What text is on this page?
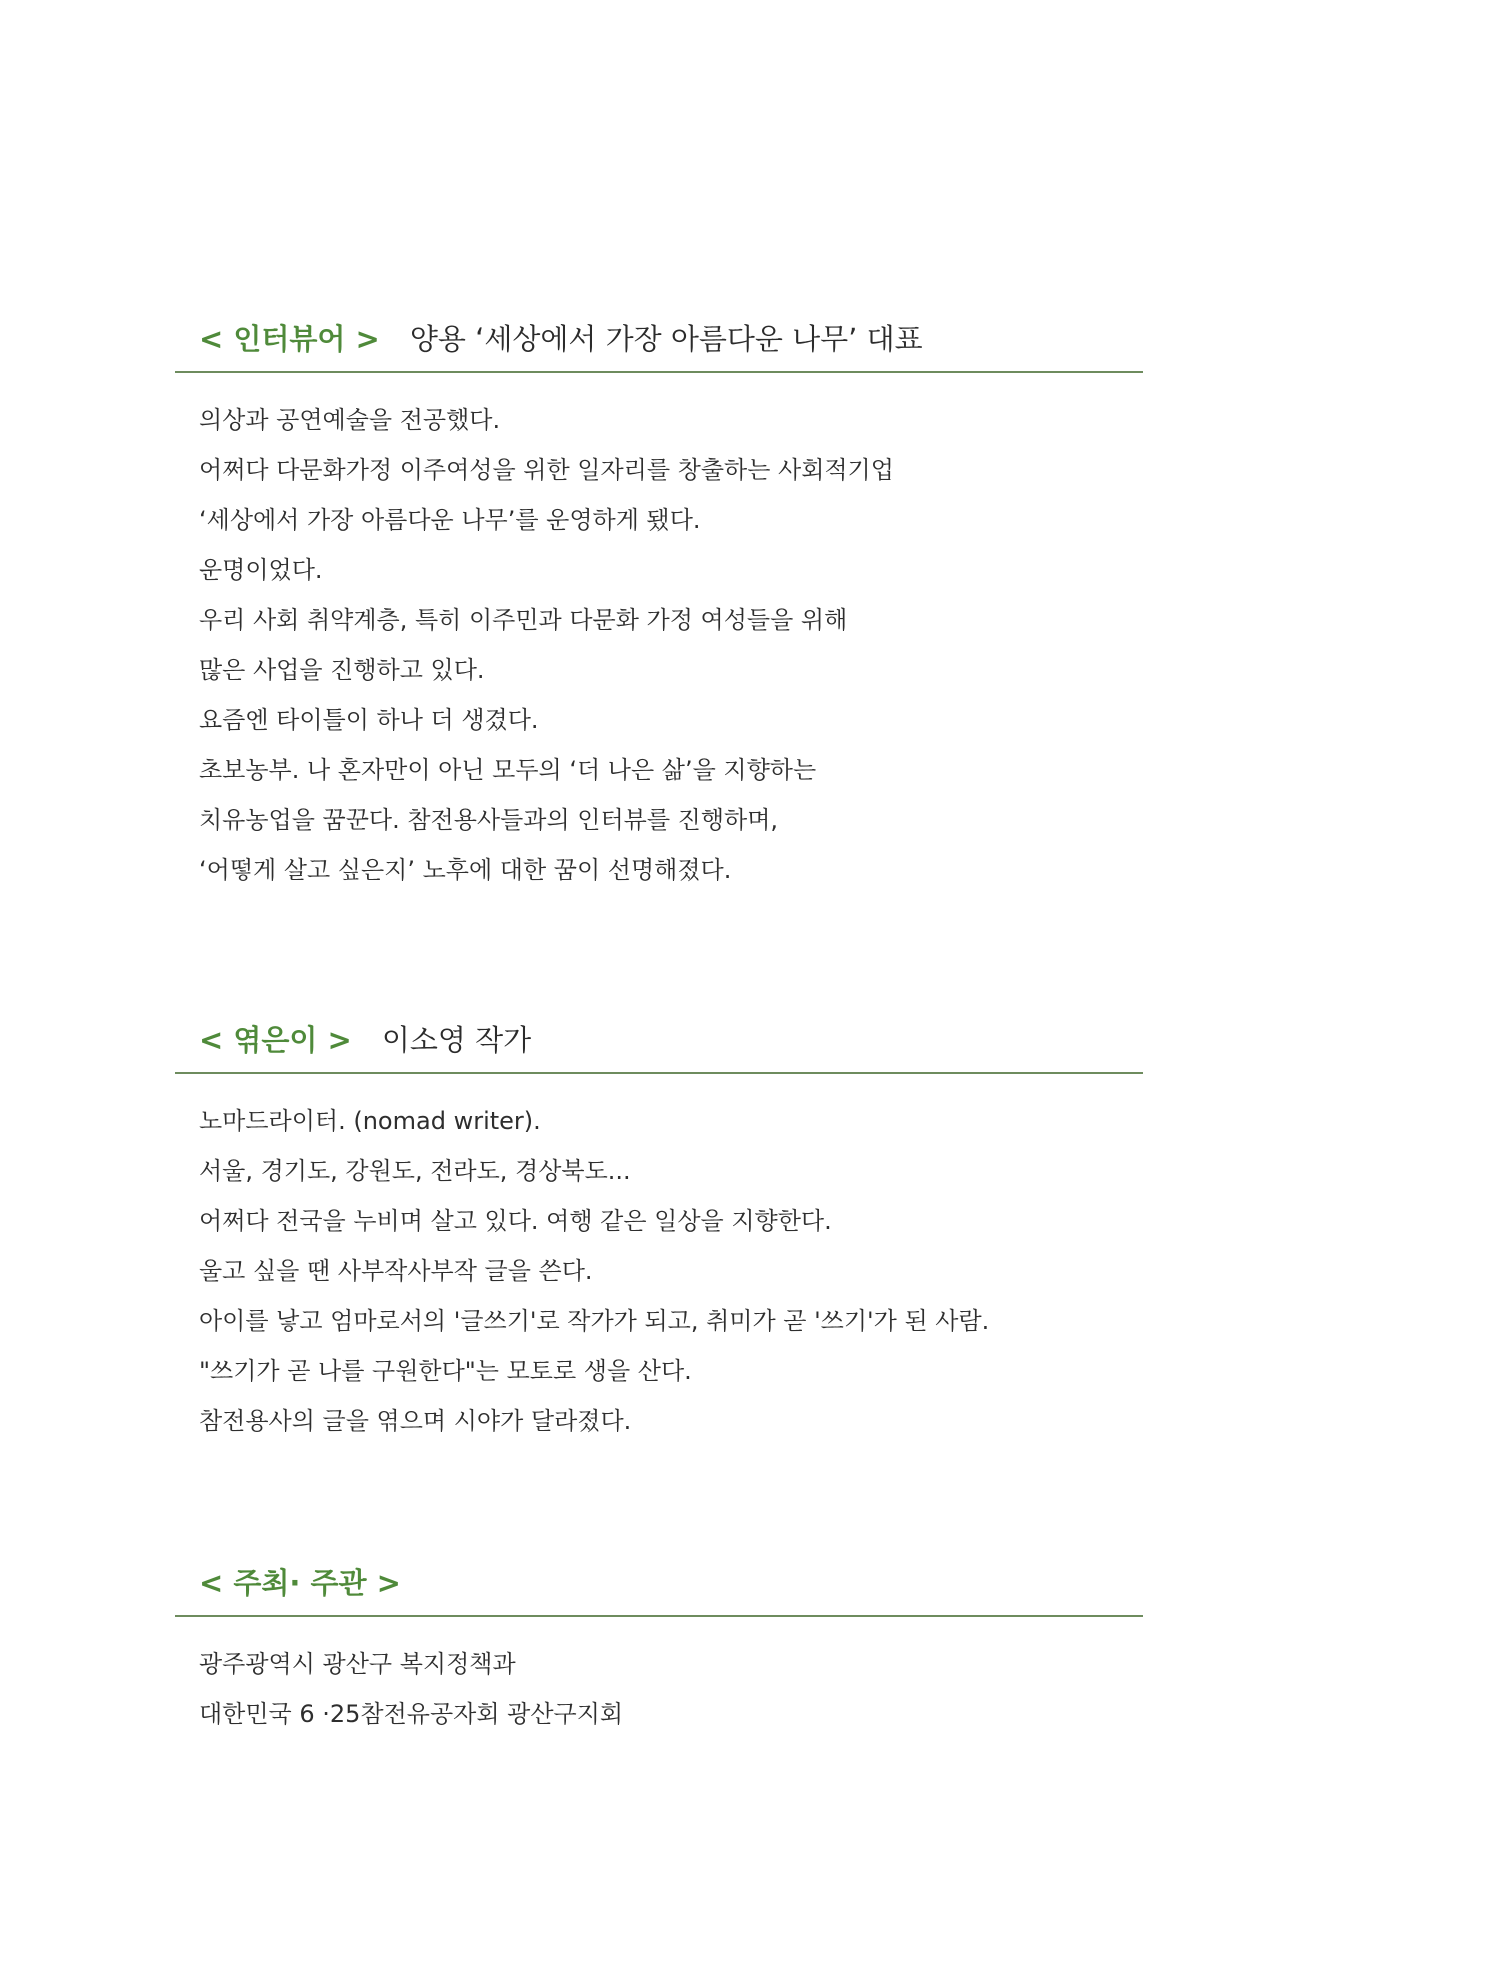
< 인터뷰어 > 양용 ‘세상에서 가장 아름다운 나무’ 대표
의상과 공연예술을 전공했다.
어쩌다 다문화가정 이주여성을 위한 일자리를 창출하는 사회적기업
‘세상에서 가장 아름다운 나무’를 운영하게 됐다.
운명이었다.
우리 사회 취약계층, 특히 이주민과 다문화 가정 여성들을 위해
많은 사업을 진행하고 있다.
요즘엔 타이틀이 하나 더 생겼다.
초보농부. 나 혼자만이 아닌 모두의 ‘더 나은 삶’을 지향하는
치유농업을 꿈꾼다. 참전용사들과의 인터뷰를 진행하며,
‘어떻게 살고 싶은지’ 노후에 대한 꿈이 선명해졌다.
< 엮은이 > 이소영 작가
노마드라이터. (nomad writer).
서울, 경기도, 강원도, 전라도, 경상북도...
어쩌다 전국을 누비며 살고 있다. 여행 같은 일상을 지향한다.
울고 싶을 땐 사부작사부작 글을 쓴다.
아이를 낳고 엄마로서의 '글쓰기'로 작가가 되고, 취미가 곧 '쓰기'가 된 사람.
"쓰기가 곧 나를 구원한다"는 모토로 생을 산다.
참전용사의 글을 엮으며 시야가 달라졌다.
< 주최· 주관 >
광주광역시 광산구 복지정책과
대한민국 6 ·25참전유공자회 광산구지회
